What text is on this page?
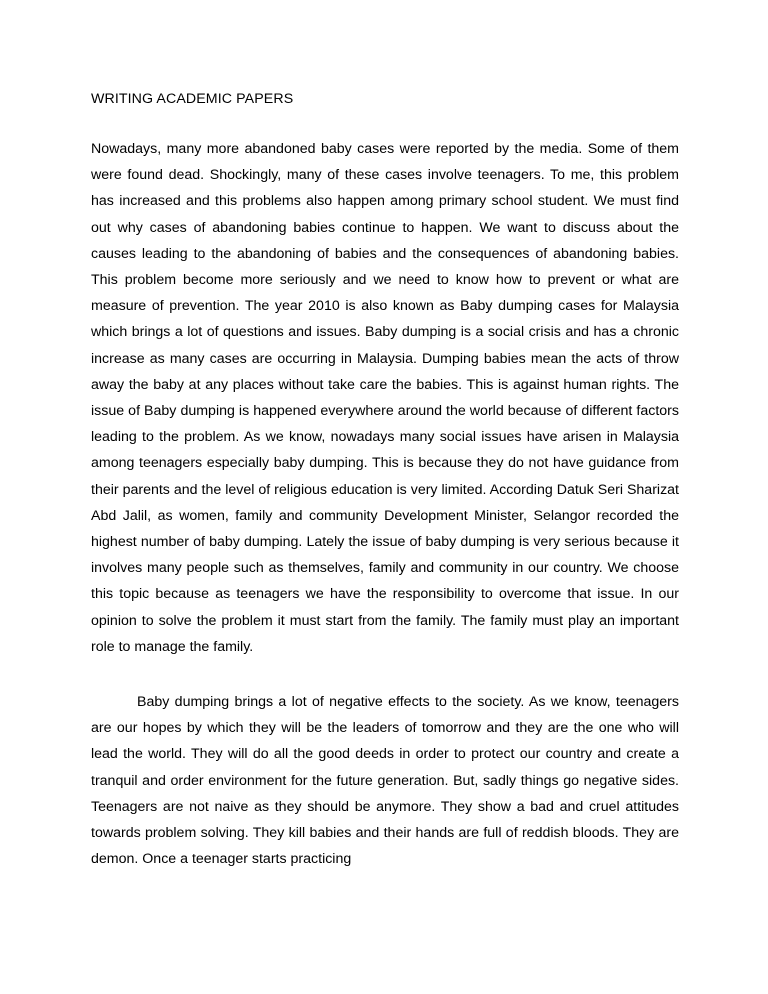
WRITING ACADEMIC PAPERS

Nowadays, many more abandoned baby cases were reported by the media. Some of them were found dead. Shockingly, many of these cases involve teenagers. To me, this problem has increased and this problems also happen among primary school student. We must find out why cases of abandoning babies continue to happen. We want to discuss about the causes leading to the abandoning of babies and the consequences of abandoning babies. This problem become more seriously and we need to know how to prevent or what are measure of prevention. The year 2010 is also known as Baby dumping cases for Malaysia which brings a lot of questions and issues. Baby dumping is a social crisis and has a chronic increase as many cases are occurring in Malaysia. Dumping babies mean the acts of throw away the baby at any places without take care the babies. This is against human rights. The issue of Baby dumping is happened everywhere around the world because of different factors leading to the problem. As we know, nowadays many social issues have arisen in Malaysia among teenagers especially baby dumping. This is because they do not have guidance from their parents and the level of religious education is very limited. According Datuk Seri Sharizat Abd Jalil, as women, family and community Development Minister, Selangor recorded the highest number of baby dumping. Lately the issue of baby dumping is very serious because it involves many people such as themselves, family and community in our country. We choose this topic because as teenagers we have the responsibility to overcome that issue. In our opinion to solve the problem it must start from the family. The family must play an important role to manage the family.

Baby dumping brings a lot of negative effects to the society. As we know, teenagers are our hopes by which they will be the leaders of tomorrow and they are the one who will lead the world. They will do all the good deeds in order to protect our country and create a tranquil and order environment for the future generation. But, sadly things go negative sides. Teenagers are not naive as they should be anymore. They show a bad and cruel attitudes towards problem solving. They kill babies and their hands are full of reddish bloods. They are demon. Once a teenager starts practicing
